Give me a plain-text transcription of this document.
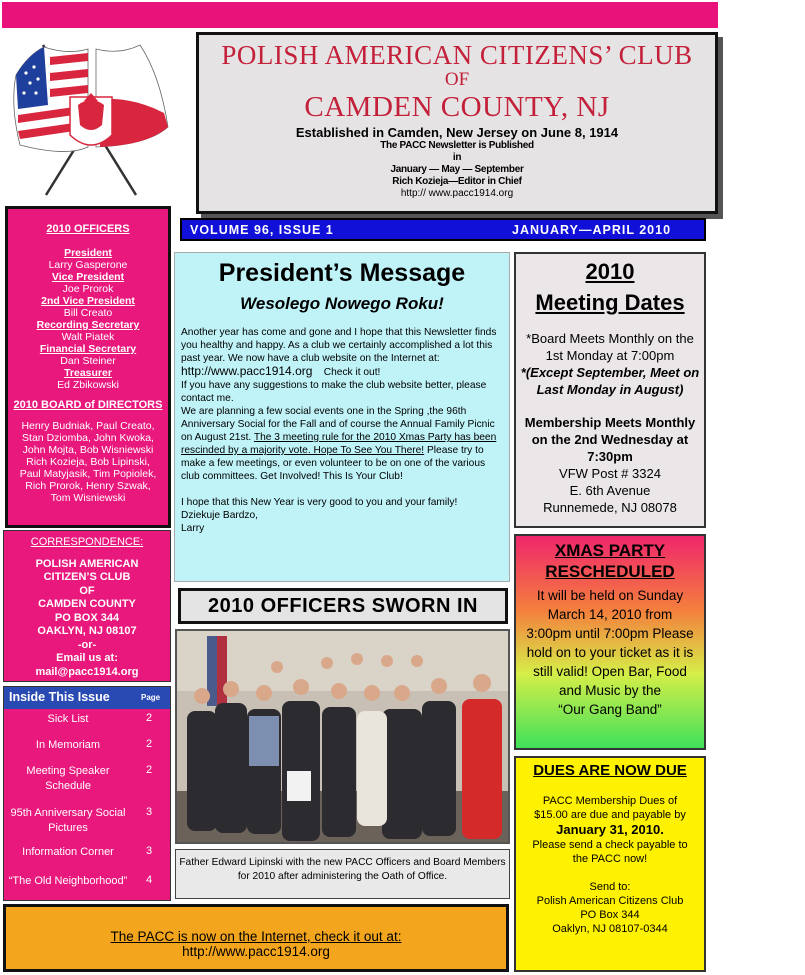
POLISH AMERICAN CITIZENS’ CLUB
OF
CAMDEN COUNTY, NJ
Established in Camden, New Jersey on June 8, 1914
The PACC Newsletter is Published
in
January — May — September
Rich Kozieja—Editor in Chief
http:// www.pacc1914.org
VOLUME 96, ISSUE 1	JANUARY—APRIL 2010
2010 OFFICERS
President
Larry Gasperone
Vice President
Joe Prorok
2nd Vice President
Bill Creato
Recording Secretary
Walt Piatek
Financial Secretary
Dan Steiner
Treasurer
Ed Zbikowski
2010 BOARD of DIRECTORS
Henry Budniak, Paul Creato, Stan Dziomba, John Kwoka, John Mojta, Bob Wisniewski Rich Kozieja, Bob Lipinski, Paul Matyjasik, Tim Popiolek, Rich Prorok, Henry Szwak, Tom Wisniewski
CORRESPONDENCE:
POLISH AMERICAN
CITIZEN’S CLUB
OF
CAMDEN COUNTY
PO BOX 344
OAKLYN, NJ 08107
-or-
Email us at:
mail@pacc1914.org
Inside This Issue	Page
Sick List	2
In Memoriam	2
Meeting Speaker Schedule
2
95th Anniversary Social Pictures
3
Information Corner	3
“The Old Neighborhood”	4
The PACC is now on the Internet, check it out at:
http://www.pacc1914.org
President’s Message
Wesolego Nowego Roku!
Another year has come and gone and I hope that this Newsletter finds you healthy and happy. As a club we certainly accomplished a lot this past year. We now have a club website on the Internet at:
http://www.pacc1914.org Check it out!
If you have any suggestions to make the club website better, please contact me.
We are planning a few social events one in the Spring ,the 96th Anniversary Social for the Fall and of course the Annual Family Picnic on August 21st. The 3 meeting rule for the 2010 Xmas Party has been rescinded by a majority vote. Hope To See You There! Please try to make a few meetings, or even volunteer to be on one of the various club committees. Get Involved! This Is Your Club!
I hope that this New Year is very good to you and your family!
Dziekuje Bardzo,
Larry
2010 OFFICERS SWORN IN
Father Edward Lipinski with the new PACC Officers and Board Members for 2010 after administering the Oath of Office.
2010
Meeting Dates
*Board Meets Monthly on the 1st Monday at 7:00pm
*(Except September, Meet on Last Monday in August)
Membership Meets Monthly on the 2nd Wednesday at 7:30pm
VFW Post # 3324
E. 6th Avenue
Runnemede, NJ 08078
XMAS PARTY
RESCHEDULED
It will be held on Sunday March 14, 2010 from 3:00pm until 7:00pm Please hold on to your ticket as it is still valid! Open Bar, Food and Music by the
“Our Gang Band”
DUES ARE NOW DUE
PACC Membership Dues of $15.00 are due and payable by
January 31, 2010.
Please send a check payable to the PACC now!
Send to:
Polish American Citizens Club
PO Box 344
Oaklyn, NJ 08107-0344
